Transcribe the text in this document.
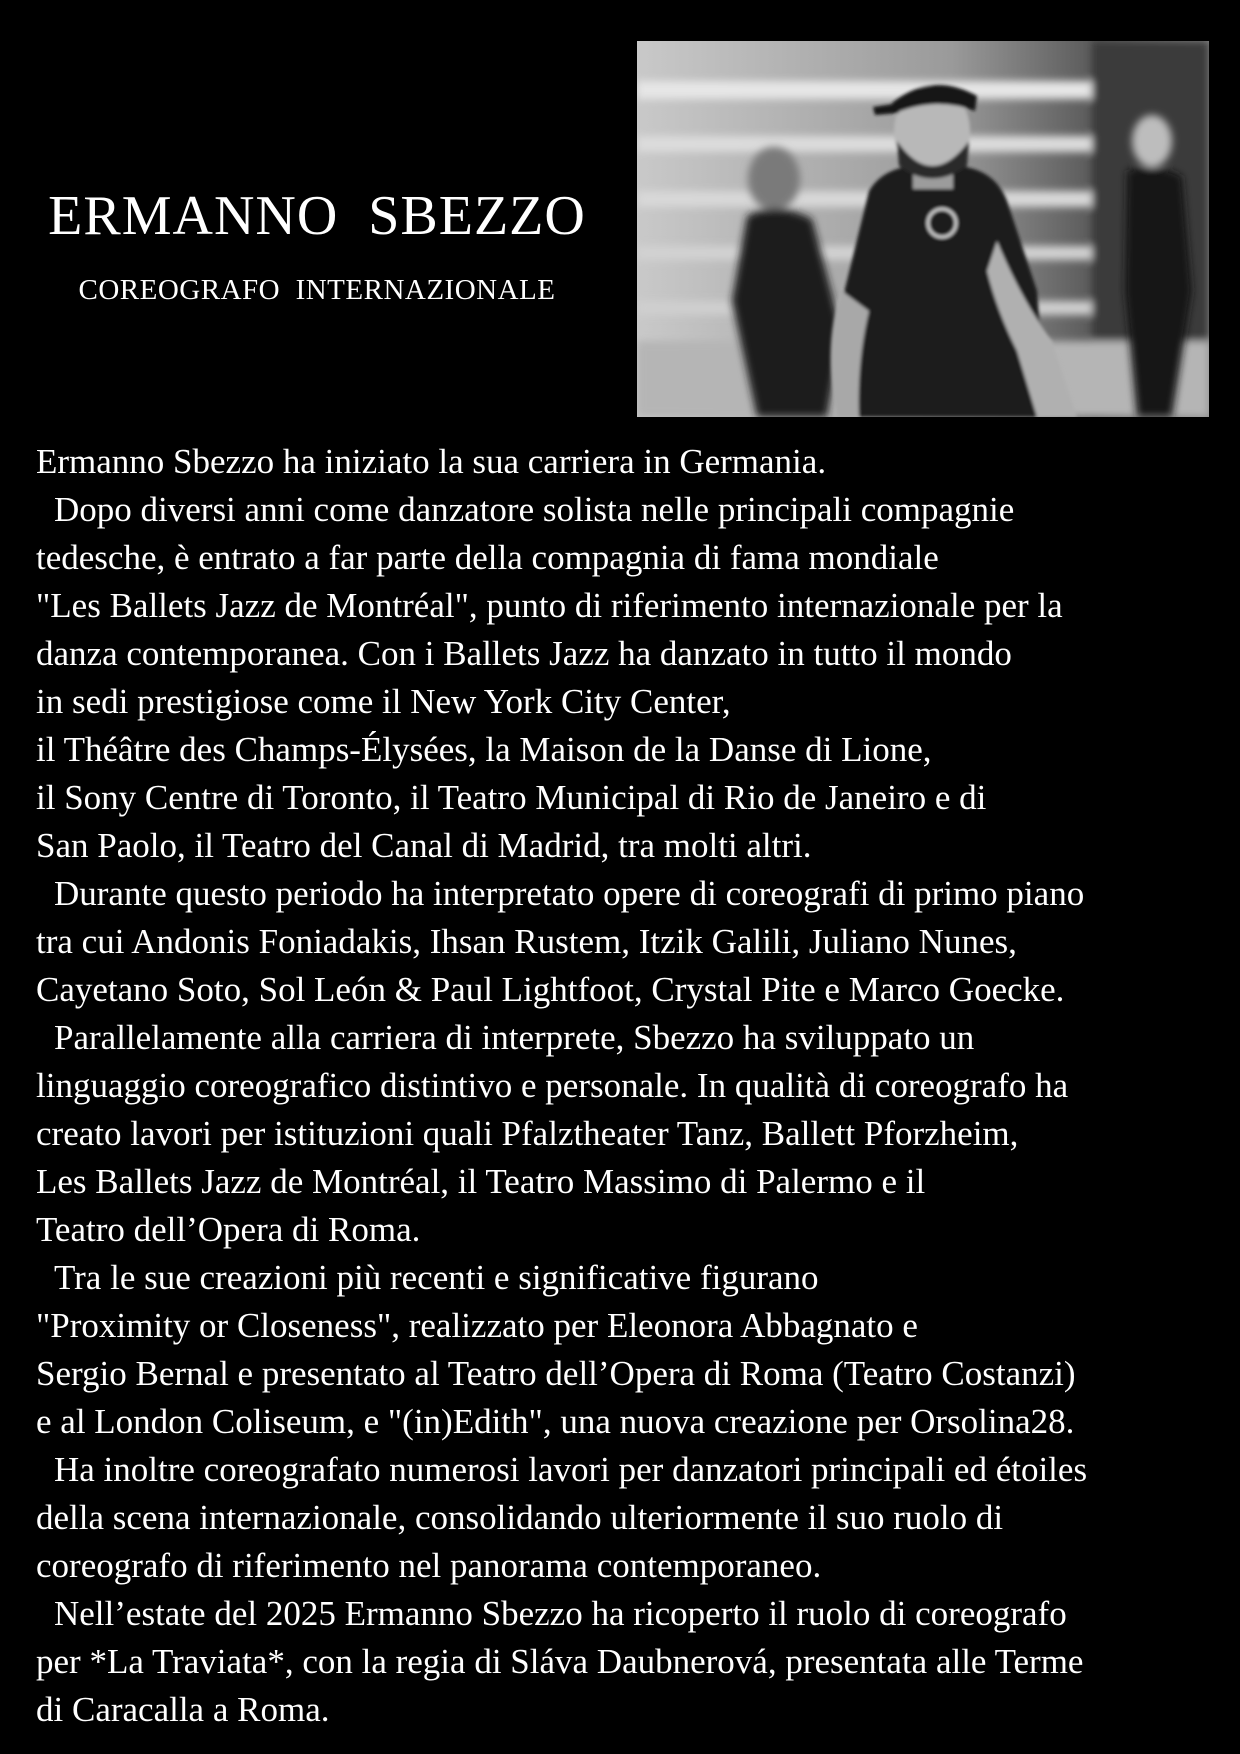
ERMANNO  SBEZZO
COREOGRAFO  INTERNAZIONALE

Ermanno Sbezzo ha iniziato la sua carriera in Germania.

Dopo diversi anni come danzatore solista nelle principali compagnie

tedesche, è entrato a far parte della compagnia di fama mondiale

"Les Ballets Jazz de Montréal", punto di riferimento internazionale per la

danza contemporanea. Con i Ballets Jazz ha danzato in tutto il mondo

in sedi prestigiose come il New York City Center,

il Théâtre des Champs-Élysées, la Maison de la Danse di Lione,

il Sony Centre di Toronto, il Teatro Municipal di Rio de Janeiro e di

San Paolo, il Teatro del Canal di Madrid, tra molti altri.

Durante questo periodo ha interpretato opere di coreografi di primo piano

tra cui Andonis Foniadakis, Ihsan Rustem, Itzik Galili, Juliano Nunes,

Cayetano Soto, Sol León & Paul Lightfoot, Crystal Pite e Marco Goecke.

Parallelamente alla carriera di interprete, Sbezzo ha sviluppato un

linguaggio coreografico distintivo e personale. In qualità di coreografo ha

creato lavori per istituzioni quali Pfalztheater Tanz, Ballett Pforzheim,

Les Ballets Jazz de Montréal, il Teatro Massimo di Palermo e il

Teatro dell’Opera di Roma.

Tra le sue creazioni più recenti e significative figurano

"Proximity or Closeness", realizzato per Eleonora Abbagnato e

Sergio Bernal e presentato al Teatro dell’Opera di Roma (Teatro Costanzi)

e al London Coliseum, e "(in)Edith", una nuova creazione per Orsolina28.

Ha inoltre coreografato numerosi lavori per danzatori principali ed étoiles

della scena internazionale, consolidando ulteriormente il suo ruolo di

coreografo di riferimento nel panorama contemporaneo.

Nell’estate del 2025 Ermanno Sbezzo ha ricoperto il ruolo di coreografo

per *La Traviata*, con la regia di Sláva Daubnerová, presentata alle Terme

di Caracalla a Roma.
